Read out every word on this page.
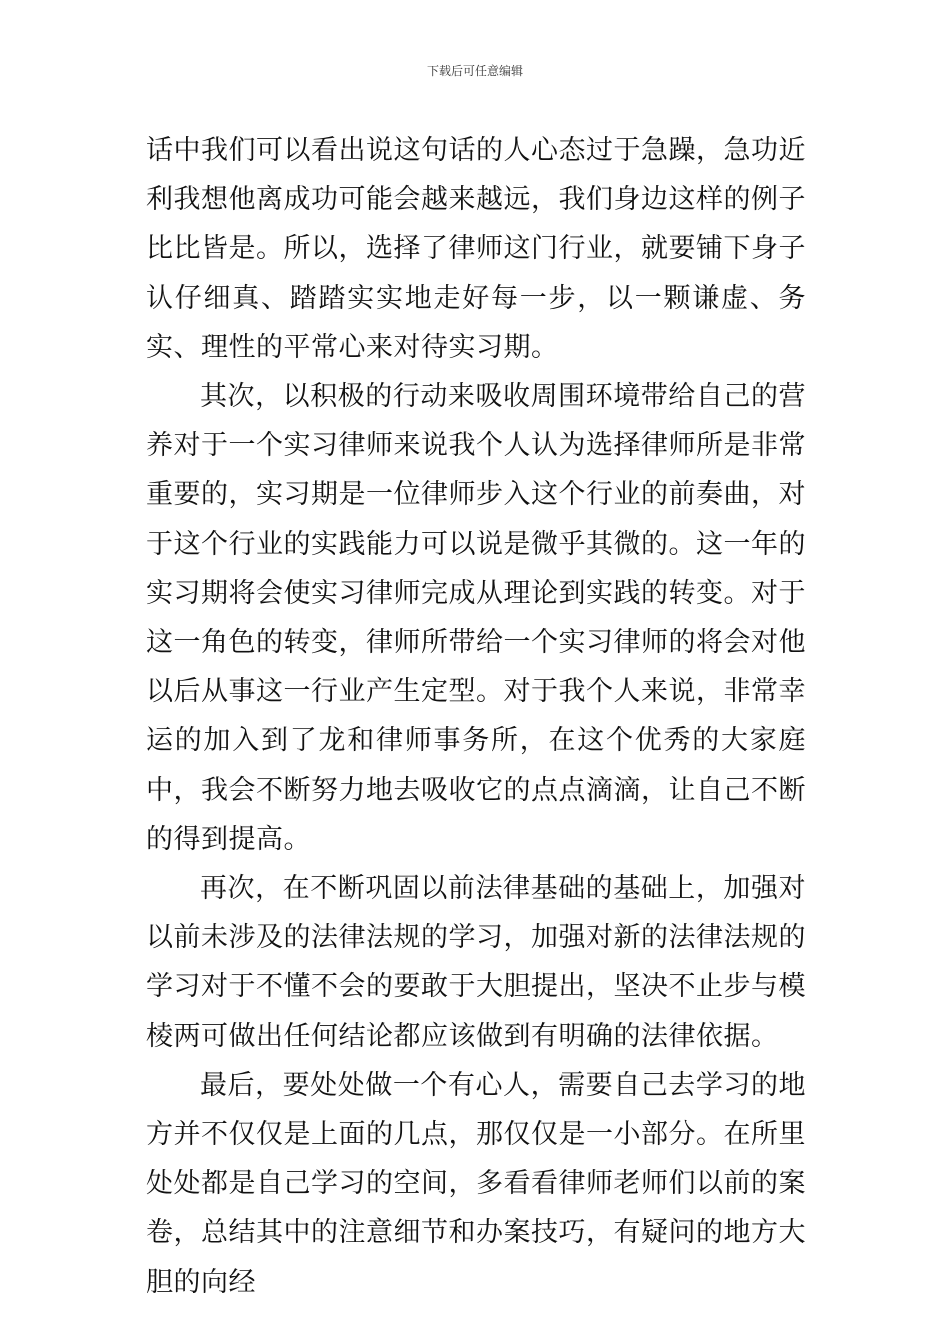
下载后可任意编辑

话中我们可以看出说这句话的人心态过于急躁，急功近利我想他离成功可能会越来越远，我们身边这样的例子比比皆是。所以，选择了律师这门行业，就要铺下身子认仔细真、踏踏实实地走好每一步，以一颗谦虚、务实、理性的平常心来对待实习期。

其次，以积极的行动来吸收周围环境带给自己的营养对于一个实习律师来说我个人认为选择律师所是非常重要的，实习期是一位律师步入这个行业的前奏曲，对于这个行业的实践能力可以说是微乎其微的。这一年的实习期将会使实习律师完成从理论到实践的转变。对于这一角色的转变，律师所带给一个实习律师的将会对他以后从事这一行业产生定型。对于我个人来说，非常幸运的加入到了龙和律师事务所，在这个优秀的大家庭中，我会不断努力地去吸收它的点点滴滴，让自己不断的得到提高。

再次，在不断巩固以前法律基础的基础上，加强对以前未涉及的法律法规的学习，加强对新的法律法规的学习对于不懂不会的要敢于大胆提出，坚决不止步与模棱两可做出任何结论都应该做到有明确的法律依据。

最后，要处处做一个有心人，需要自己去学习的地方并不仅仅是上面的几点，那仅仅是一小部分。在所里处处都是自己学习的空间，多看看律师老师们以前的案卷，总结其中的注意细节和办案技巧，有疑问的地方大胆的向经
